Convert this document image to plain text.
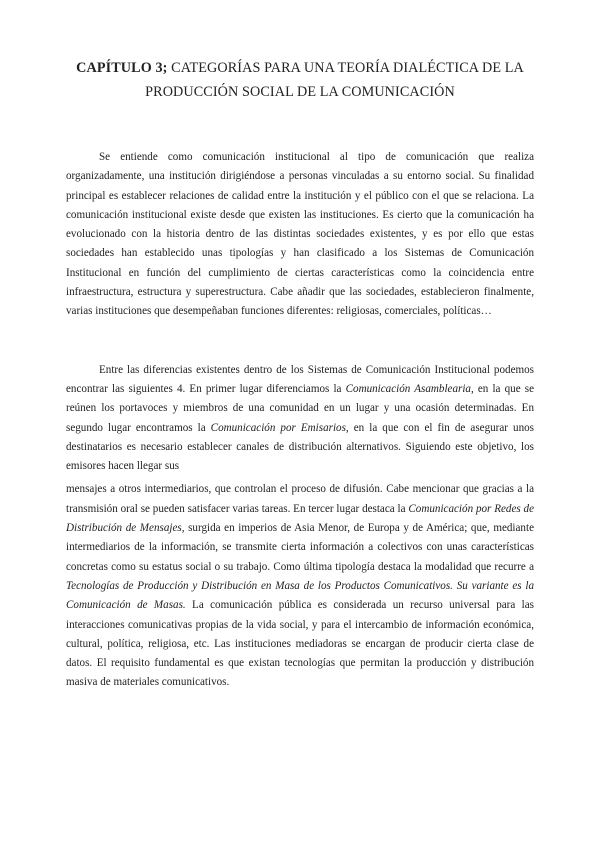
CAPÍTULO 3; CATEGORÍAS PARA UNA TEORÍA DIALÉCTICA DE LA PRODUCCIÓN SOCIAL DE LA COMUNICACIÓN

Se entiende como comunicación institucional al tipo de comunicación que realiza organizadamente, una institución dirigiéndose a personas vinculadas a su entorno social. Su finalidad principal es establecer relaciones de calidad entre la institución y el público con el que se relaciona. La comunicación institucional existe desde que existen las instituciones. Es cierto que la comunicación ha evolucionado con la historia dentro de las distintas sociedades existentes, y es por ello que estas sociedades han establecido unas tipologías y han clasificado a los Sistemas de Comunicación Institucional en función del cumplimiento de ciertas características como la coincidencia entre infraestructura, estructura y superestructura. Cabe añadir que las sociedades, establecieron finalmente, varias instituciones que desempeñaban funciones diferentes: religiosas, comerciales, políticas…

Entre las diferencias existentes dentro de los Sistemas de Comunicación Institucional podemos encontrar las siguientes 4. En primer lugar diferenciamos la Comunicación Asamblearia, en la que se reúnen los portavoces y miembros de una comunidad en un lugar y una ocasión determinadas. En segundo lugar encontramos la Comunicación por Emisarios, en la que con el fin de asegurar unos destinatarios es necesario establecer canales de distribución alternativos. Siguiendo este objetivo, los emisores hacen llegar sus

mensajes a otros intermediarios, que controlan el proceso de difusión. Cabe mencionar que gracias a la transmisión oral se pueden satisfacer varias tareas. En tercer lugar destaca la Comunicación por Redes de Distribución de Mensajes, surgida en imperios de Asia Menor, de Europa y de América; que, mediante intermediarios de la información, se transmite cierta información a colectivos con unas características concretas como su estatus social o su trabajo. Como última tipología destaca la modalidad que recurre a Tecnologías de Producción y Distribución en Masa de los Productos Comunicativos. Su variante es la Comunicación de Masas. La comunicación pública es considerada un recurso universal para las interacciones comunicativas propias de la vida social, y para el intercambio de información económica, cultural, política, religiosa, etc. Las instituciones mediadoras se encargan de producir cierta clase de datos. El requisito fundamental es que existan tecnologías que permitan la producción y distribución masiva de materiales comunicativos.
